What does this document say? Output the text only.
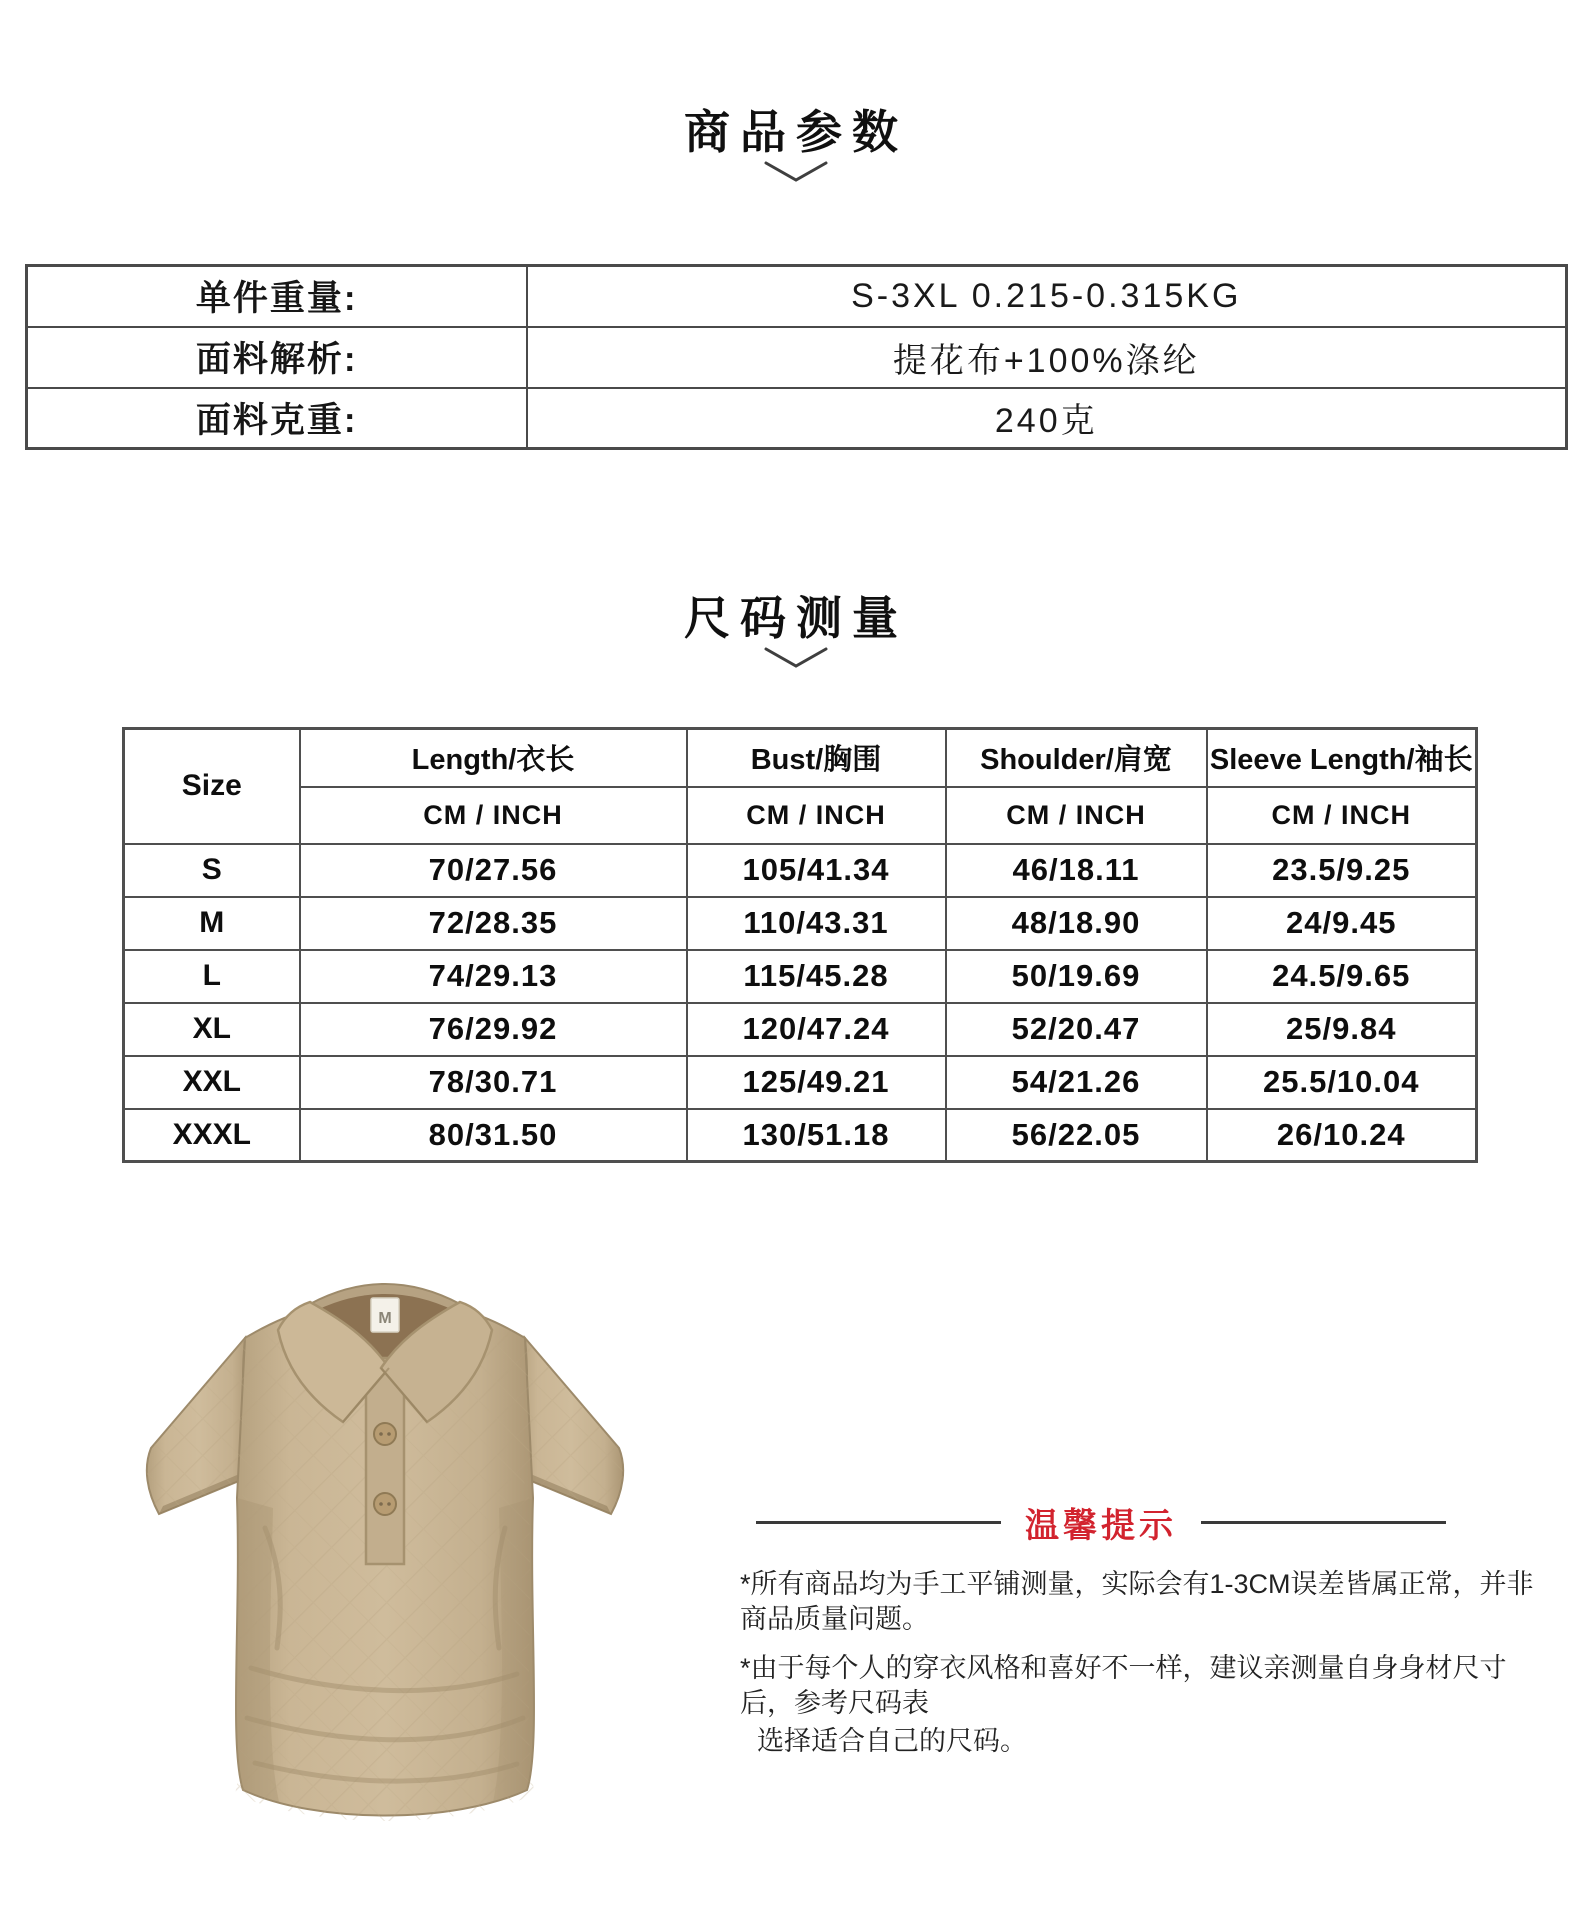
商品参数
单件重量:	S-3XL 0.215-0.315KG
面料解析:	提花布+100%涤纶
面料克重:	240克
尺码测量
Size	Length/衣长	Bust/胸围	Shoulder/肩宽	Sleeve Length/袖长
	CM / INCH	CM / INCH	CM / INCH	CM / INCH
S	70/27.56	105/41.34	46/18.11	23.5/9.25
M	72/28.35	110/43.31	48/18.90	24/9.45
L	74/29.13	115/45.28	50/19.69	24.5/9.65
XL	76/29.92	120/47.24	52/20.47	25/9.84
XXL	78/30.71	125/49.21	54/21.26	25.5/10.04
XXXL	80/31.50	130/51.18	56/22.05	26/10.24
M
温馨提示
*所有商品均为手工平铺测量，实际会有1-3CM误差皆属正常，并非商品质量问题。
*由于每个人的穿衣风格和喜好不一样，建议亲测量自身身材尺寸后，参考尺码表
选择适合自己的尺码。
